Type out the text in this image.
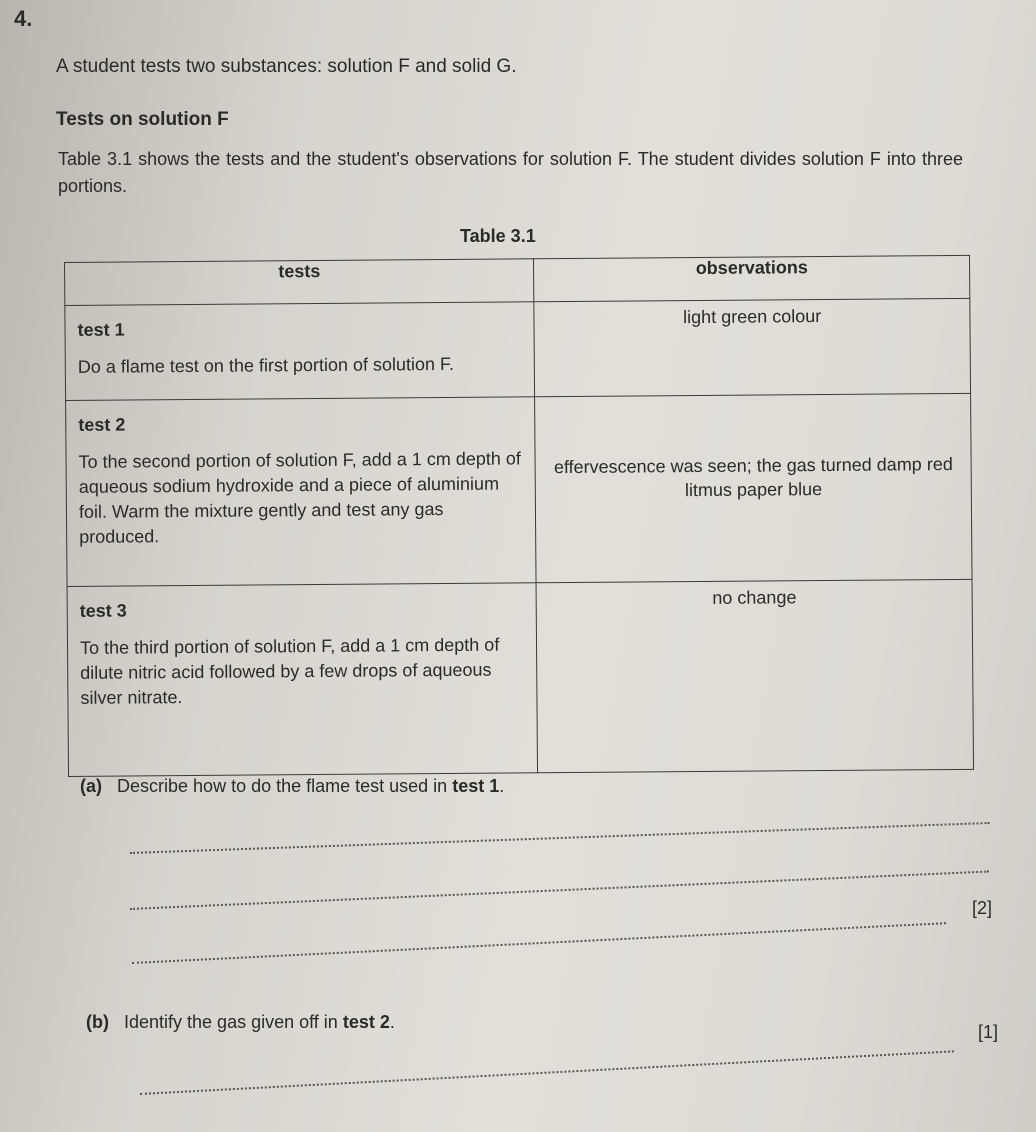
4.
A student tests two substances: solution F and solid G.
Tests on solution F
Table 3.1 shows the tests and the student's observations for solution F. The student divides solution F into three portions.
Table 3.1
tests	observations

test 1
Do a flame test on the first portion of solution F.	light green colour

test 2
To the second portion of solution F, add a 1 cm depth of aqueous sodium hydroxide and a piece of aluminium foil. Warm the mixture gently and test any gas produced.	effervescence was seen; the gas turned damp red litmus paper blue

test 3
To the third portion of solution F, add a 1 cm depth of dilute nitric acid followed by a few drops of aqueous silver nitrate.	no change
(a) Describe how to do the flame test used in test 1.
[2]
(b) Identify the gas given off in test 2.	[1]
